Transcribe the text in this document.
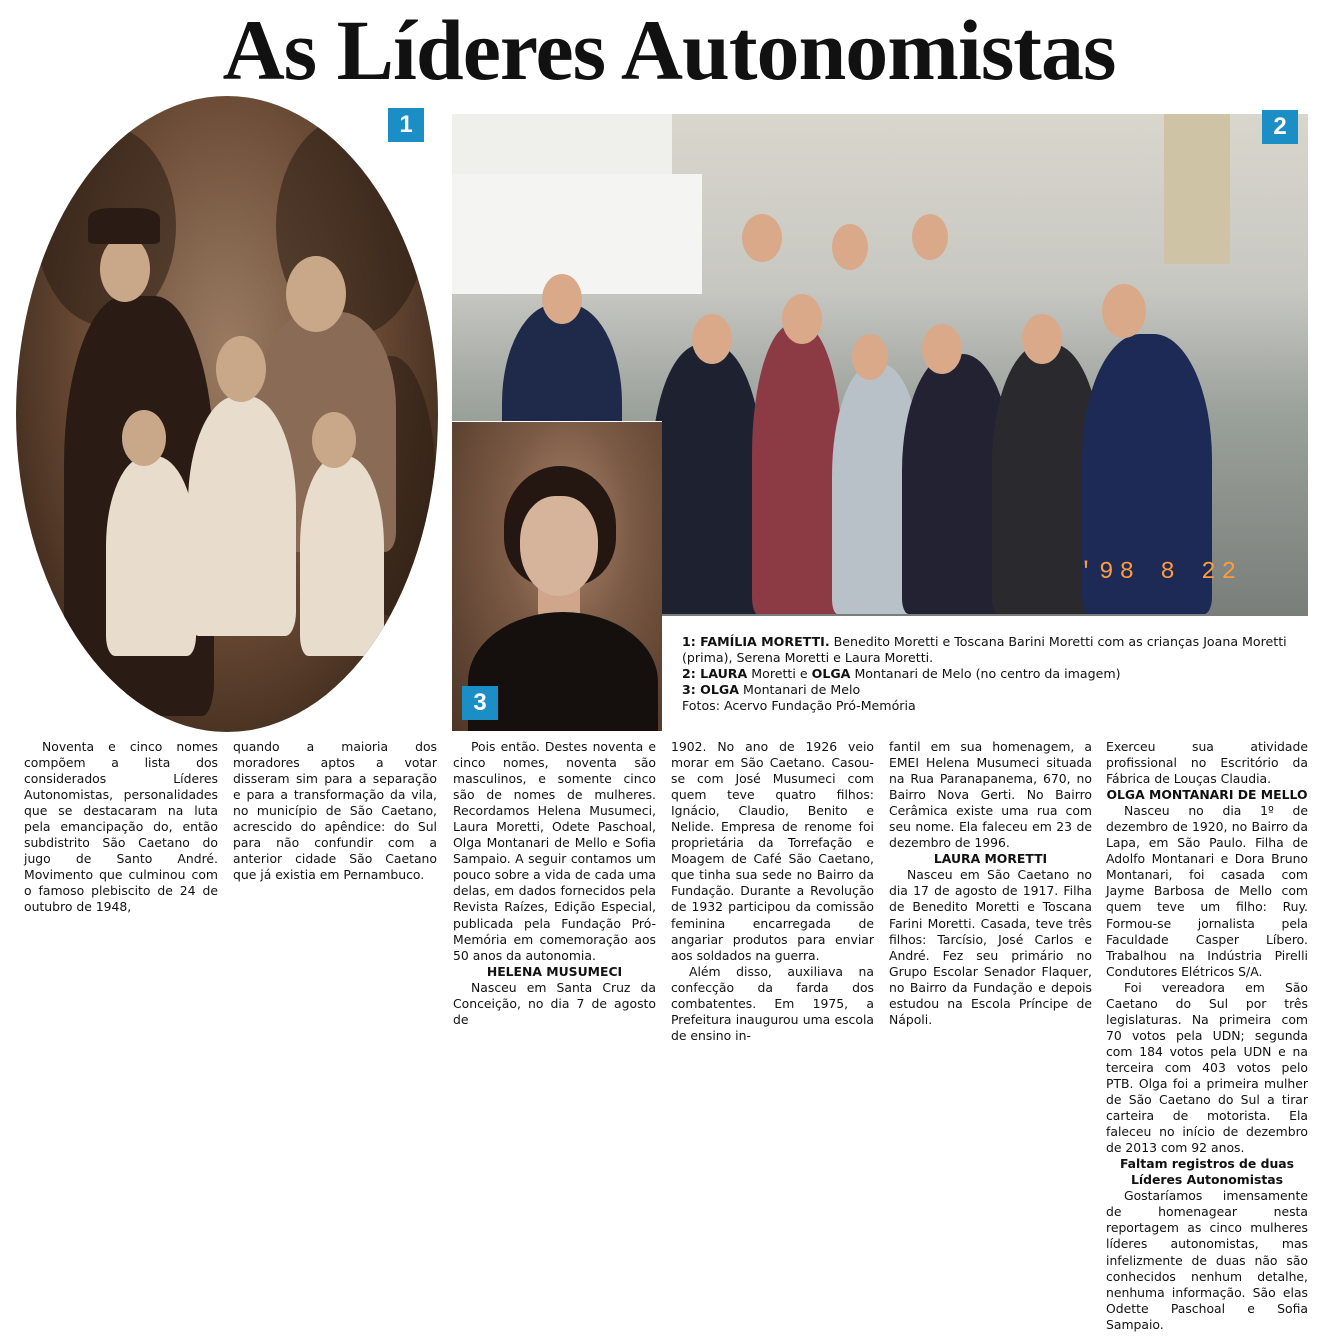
As Líderes Autonomistas
1
'98 8 22
2
3

1: FAMÍLIA MORETTI. Benedito Moretti e Toscana Barini Moretti com as crianças Joana Moretti (prima), Serena Moretti e Laura Moretti.

2: LAURA Moretti e OLGA Montanari de Melo (no centro da imagem)

3: OLGA Montanari de Melo

Fotos: Acervo Fundação Pró-Memória

Noventa e cinco nomes compõem a lista dos considerados Líderes Autonomistas, personalidades que se destacaram na luta pela emancipação do, então subdistrito São Caetano do jugo de Santo André. Movimento que culminou com o famoso plebiscito de 24 de outubro de 1948,

quando a maioria dos moradores aptos a votar disseram sim para a separação e para a transformação da vila, no município de São Caetano, acrescido do apêndice: do Sul para não confundir com a anterior cidade São Caetano que já existia em Pernambuco.

Pois então. Destes noventa e cinco nomes, noventa são masculinos, e somente cinco são de nomes de mulheres. Recordamos Helena Musumeci, Laura Moretti, Odete Paschoal, Olga Montanari de Mello e Sofia Sampaio. A seguir contamos um pouco sobre a vida de cada uma delas, em dados fornecidos pela Revista Raízes, Edição Especial, publicada pela Fundação Pró-Memória em comemoração aos 50 anos da autonomia.

HELENA MUSUMECI

Nasceu em Santa Cruz da Conceição, no dia 7 de agosto de

1902. No ano de 1926 veio morar em São Caetano. Casou-se com José Musumeci com quem teve quatro filhos: Ignácio, Claudio, Benito e Nelide. Empresa de renome foi proprietária da Torrefação e Moagem de Café São Caetano, que tinha sua sede no Bairro da Fundação. Durante a Revolução de 1932 participou da comissão feminina encarregada de angariar produtos para enviar aos soldados na guerra.

Além disso, auxiliava na confecção da farda dos combatentes. Em 1975, a Prefeitura inaugurou uma escola de ensino in-

fantil em sua homenagem, a EMEI Helena Musumeci situada na Rua Paranapanema, 670, no Bairro Nova Gerti. No Bairro Cerâmica existe uma rua com seu nome. Ela faleceu em 23 de dezembro de 1996.

LAURA MORETTI

Nasceu em São Caetano no dia 17 de agosto de 1917. Filha de Benedito Moretti e Toscana Farini Moretti. Casada, teve três filhos: Tarcísio, José Carlos e André. Fez seu primário no Grupo Escolar Senador Flaquer, no Bairro da Fundação e depois estudou na Escola Príncipe de Nápoli.

Exerceu sua atividade profissional no Escritório da Fábrica de Louças Claudia.

OLGA MONTANARI DE MELLO

Nasceu no dia 1º de dezembro de 1920, no Bairro da Lapa, em São Paulo. Filha de Adolfo Montanari e Dora Bruno Montanari, foi casada com Jayme Barbosa de Mello com quem teve um filho: Ruy. Formou-se jornalista pela Faculdade Casper Líbero. Trabalhou na Indústria Pirelli Condutores Elétricos S/A.

Foi vereadora em São Caetano do Sul por três legislaturas. Na primeira com 70 votos pela UDN; segunda com 184 votos pela UDN e na terceira com 403 votos pelo PTB. Olga foi a primeira mulher de São Caetano do Sul a tirar carteira de motorista. Ela faleceu no início de dezembro de 2013 com 92 anos.

Faltam registros de duas
Líderes Autonomistas

Gostaríamos imensamente de homenagear nesta reportagem as cinco mulheres líderes autonomistas, mas infelizmente de duas não são conhecidos nenhum detalhe, nenhuma informação. São elas Odette Paschoal e Sofia Sampaio.
